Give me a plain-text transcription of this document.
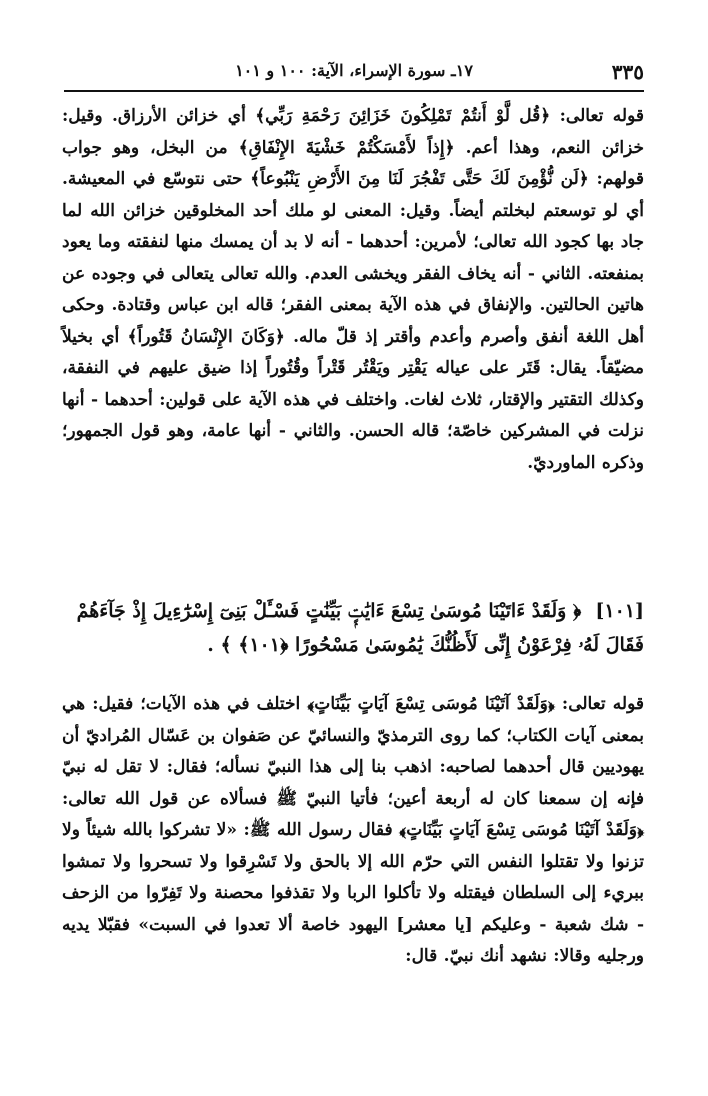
٣٣٥
١٧ـ سورة الإسراء، الآية: ١٠٠ و ١٠١

قوله تعالى: ﴿قُل لَّوْ أَنتُمْ تَمْلِكُونَ خَزَائِنَ رَحْمَةِ رَبِّي﴾ أي خزائن الأرزاق. وقيل: خزائن النعم، وهذا أعم. ﴿إِذاً لأَمْسَكْتُمْ خَشْيَةَ الإِنْفَاقِ﴾ من البخل، وهو جواب قولهم: ﴿لَن نُّؤْمِنَ لَكَ حَتَّى تَفْجُرَ لَنَا مِنَ الأَرْضِ يَنْبُوعاً﴾ حتى نتوسّع في المعيشة. أي لو توسعتم لبخلتم أيضاً. وقيل: المعنى لو ملك أحد المخلوقين خزائن الله لما جاد بها كجود الله تعالى؛ لأمرين: أحدهما - أنه لا بد أن يمسك منها لنفقته وما يعود بمنفعته. الثاني - أنه يخاف الفقر ويخشى العدم. والله تعالى يتعالى في وجوده عن هاتين الحالتين. والإنفاق في هذه الآية بمعنى الفقر؛ قاله ابن عباس وقتادة. وحكى أهل اللغة أنفق وأصرم وأعدم وأقتر إذ قلّ ماله. ﴿وَكَانَ الإِنْسَانُ قَتُوراً﴾ أي بخيلاً مضيّقاً. يقال: قَتَر على عياله يَقْتِر ويَقْتُر قَتْراً وقُتُوراً إذا ضيق عليهم في النفقة، وكذلك التقتير والإقتار، ثلاث لغات. واختلف في هذه الآية على قولين: أحدهما - أنها نزلت في المشركين خاصّة؛ قاله الحسن. والثاني - أنها عامة، وهو قول الجمهور؛ وذكره الماورديّ.

[١٠١] ﴿ وَلَقَدْ ءَاتَيْنَا مُوسَىٰ تِسْعَ ءَايَٰتٍۭ بَيِّنَٰتٍ فَسْـَٔلْ بَنِىٓ إِسْرَٰٓءِيلَ إِذْ جَآءَهُمْ فَقَالَ لَهُۥ فِرْعَوْنُ إِنِّى لَأَظُنُّكَ يَٰمُوسَىٰ مَسْحُورًا ﴿١٠١﴾ ﴾ .

قوله تعالى: ﴿وَلَقَدْ آتَيْنَا مُوسَى تِسْعَ آيَاتٍ بَيِّنَاتٍ﴾ اختلف في هذه الآيات؛ فقيل: هي بمعنى آيات الكتاب؛ كما روى الترمذيّ والنسائيّ عن صَفوان بن عَسّال المُراديّ أن يهوديين قال أحدهما لصاحبه: اذهب بنا إلى هذا النبيّ نسأله؛ فقال: لا تقل له نبيّ فإنه إن سمعنا كان له أربعة أعين؛ فأتيا النبيّ ﷺ فسألاه عن قول الله تعالى: ﴿وَلَقَدْ آتَيْنَا مُوسَى تِسْعَ آيَاتٍ بَيِّنَاتٍ﴾ فقال رسول الله ﷺ: «لا تشركوا بالله شيئاً ولا تزنوا ولا تقتلوا النفس التي حرّم الله إلا بالحق ولا تَسْرِقوا ولا تسحروا ولا تمشوا ببريء إلى السلطان فيقتله ولا تأكلوا الربا ولا تقذفوا محصنة ولا تَفِرّوا من الزحف - شك شعبة - وعليكم [يا معشر] اليهود خاصة ألا تعدوا في السبت» فقبّلا يديه ورجليه وقالا: نشهد أنك نبيّ. قال:
